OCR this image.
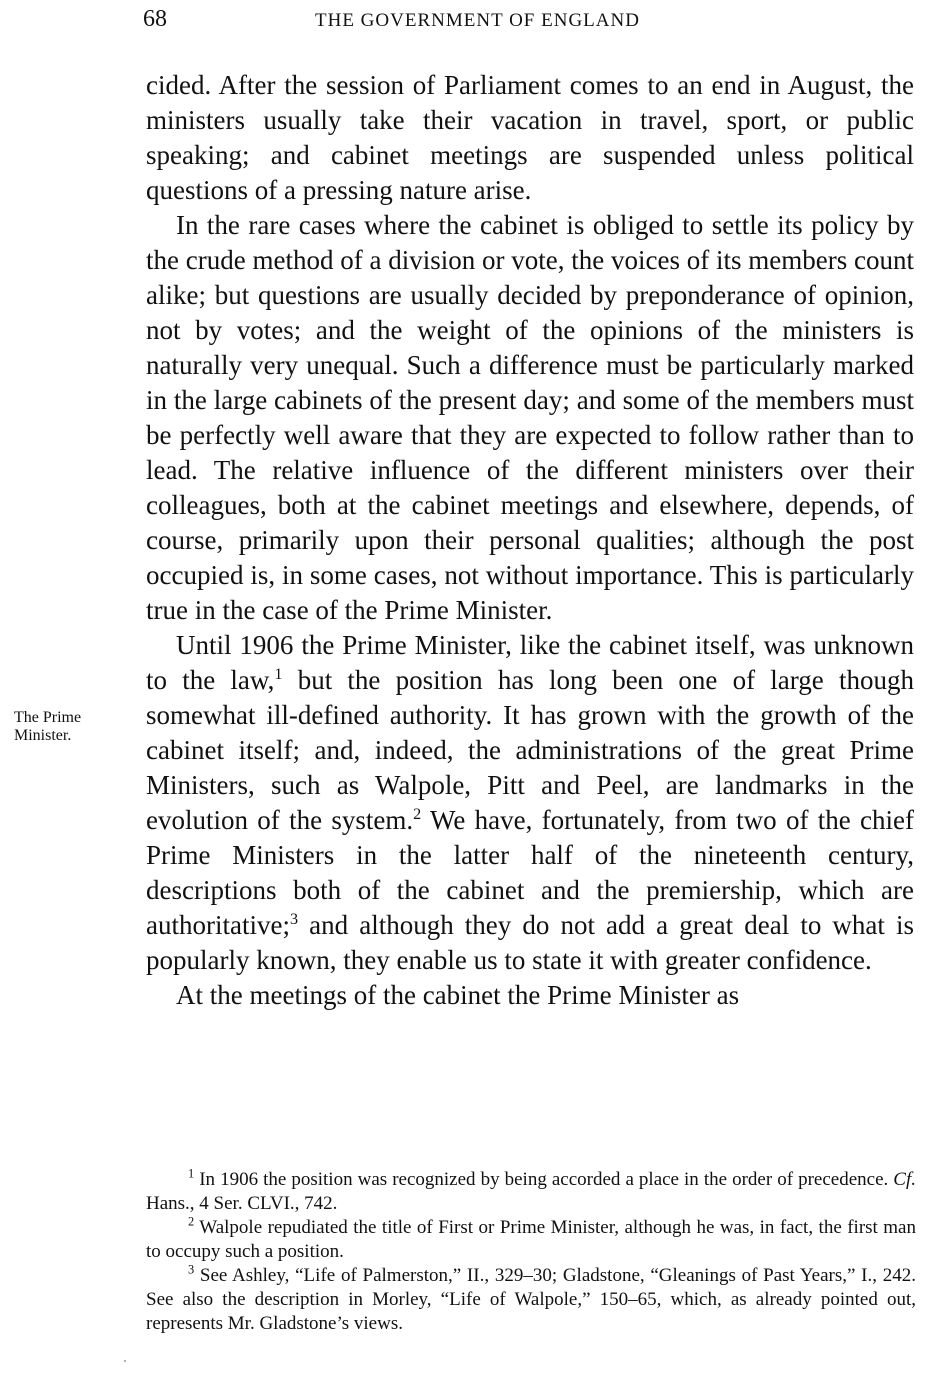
68	THE GOVERNMENT OF ENGLAND
The Prime
Minister.

cided. After the session of Parliament comes to an end in August, the ministers usually take their vacation in travel, sport, or public speaking; and cabinet meetings are suspended unless political questions of a pressing nature arise.

In the rare cases where the cabinet is obliged to settle its policy by the crude method of a division or vote, the voices of its members count alike; but questions are usually decided by preponderance of opinion, not by votes; and the weight of the opinions of the ministers is naturally very unequal. Such a difference must be particularly marked in the large cabinets of the present day; and some of the members must be perfectly well aware that they are expected to follow rather than to lead. The relative influence of the different ministers over their colleagues, both at the cabinet meetings and elsewhere, depends, of course, primarily upon their personal qualities; although the post occupied is, in some cases, not without importance. This is particularly true in the case of the Prime Minister.

Until 1906 the Prime Minister, like the cabinet itself, was unknown to the law,$^1$ but the position has long been one of large though somewhat ill-defined authority. It has grown with the growth of the cabinet itself; and, indeed, the administrations of the great Prime Ministers, such as Walpole, Pitt and Peel, are landmarks in the evolution of the system.$^2$ We have, fortunately, from two of the chief Prime Ministers in the latter half of the nineteenth century, descriptions both of the cabinet and the premiership, which are authoritative;$^3$ and although they do not add a great deal to what is popularly known, they enable us to state it with greater confidence.

At the meetings of the cabinet the Prime Minister as

$^1$ In 1906 the position was recognized by being accorded a place in the order of precedence. Cf. Hans., 4 Ser. CLVI., 742.

$^2$ Walpole repudiated the title of First or Prime Minister, although he was, in fact, the first man to occupy such a position.

$^3$ See Ashley, “Life of Palmerston,” II., 329–30; Gladstone, “Gleanings of Past Years,” I., 242. See also the description in Morley, “Life of Walpole,” 150–65, which, as already pointed out, represents Mr. Gladstone’s views.
